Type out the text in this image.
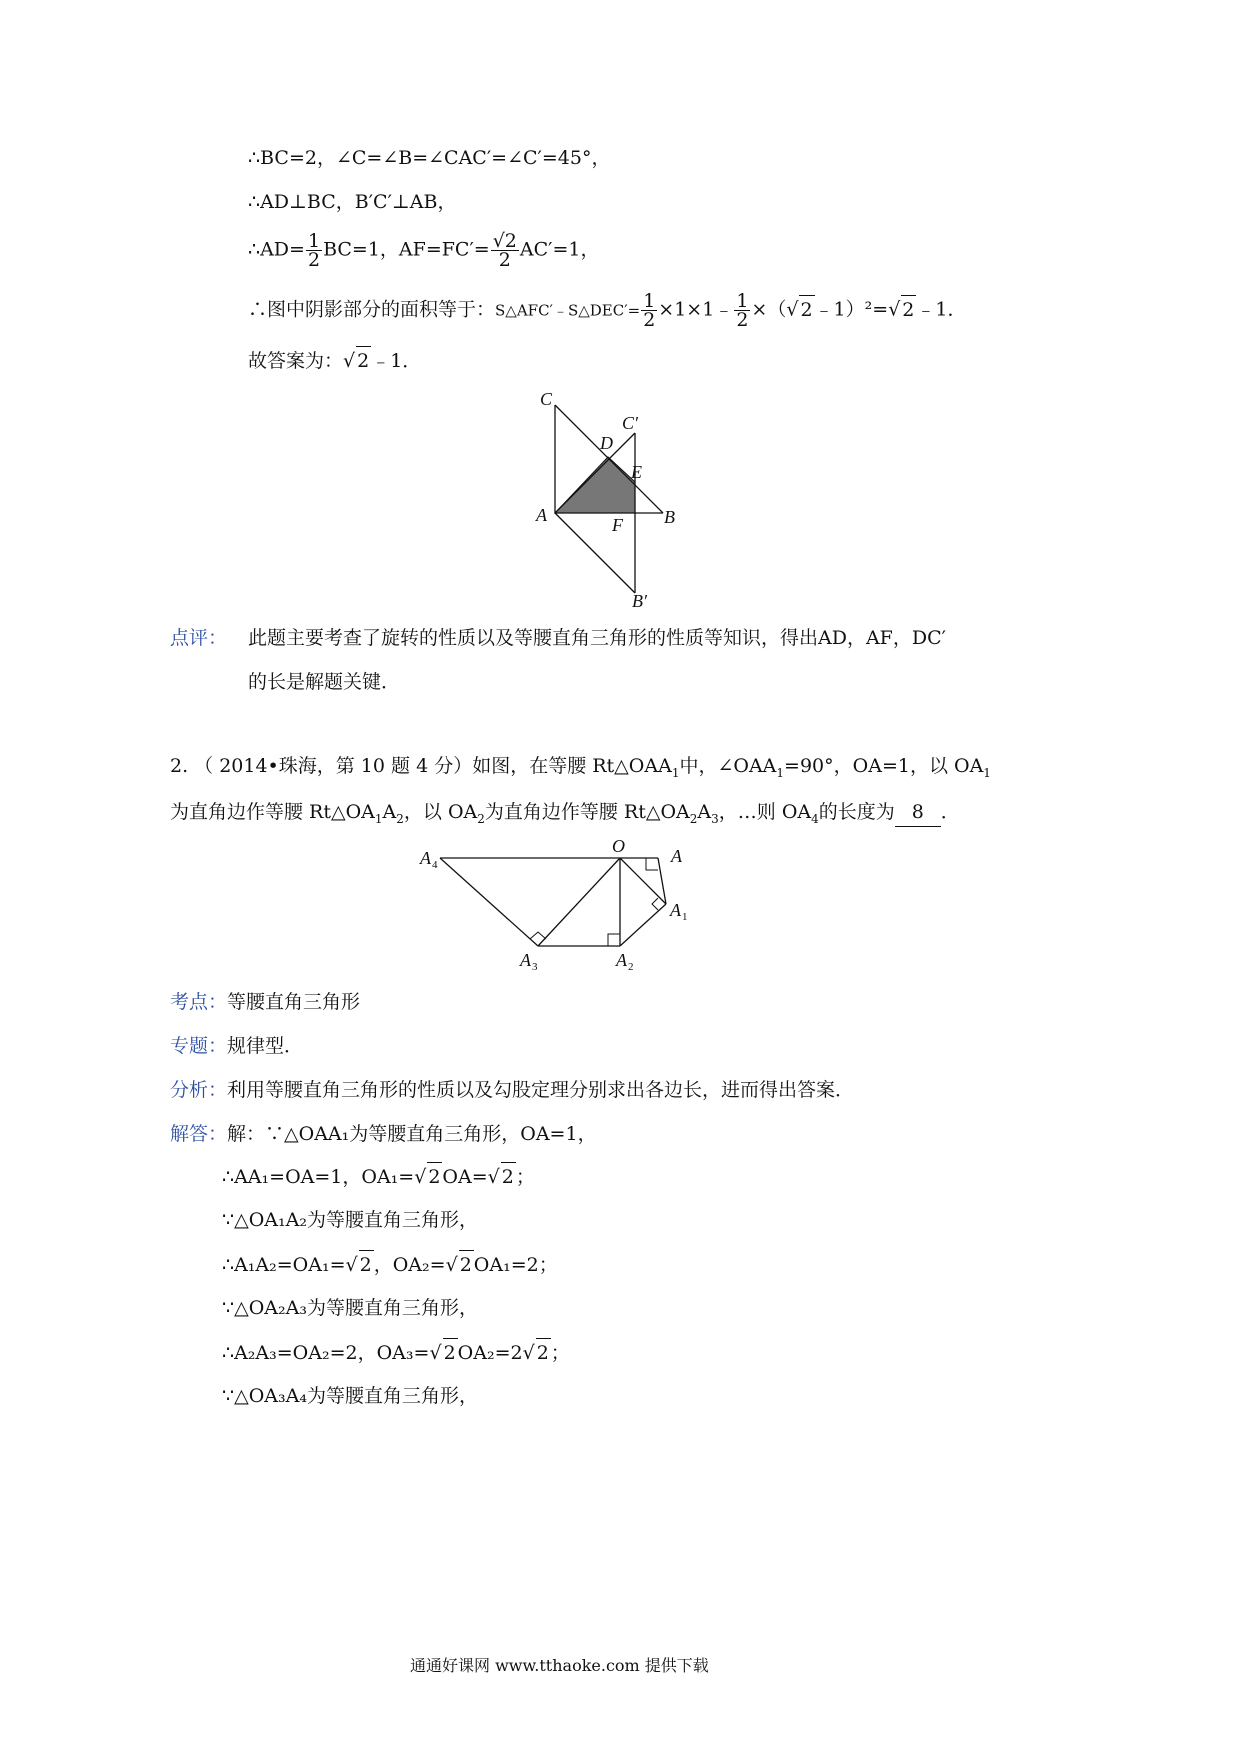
∴BC=2，∠C=∠B=∠CAC′=∠C′=45°，
∴AD⊥BC，B′C′⊥AB，
∴AD= $\frac{1}{2} BC=1$，$AF=FC'= \frac{√2}{2} AC'=1$，
∴图中阴影部分的面积等于：S△AFC′﹣S△DEC′= $\frac{1}{2}$ ×1×1﹣ $\frac{1}{2}$ ×（√ 2 ﹣1）²=√ 2 ﹣1．
故答案为：√ 2 ﹣1．
C
C′
D
E
A	F B
B′
点评： 此题主要考查了旋转的性质以及等腰直角三角形的性质等知识，得出AD，AF，DC′
的长是解题关键．
2. （ 2014•珠海，第 10 题 4 分）如图，在等腰 $Rt\triangle OAA_1$中，$\angle OAA_1=90^\circ$，OA=1，以 $OA_1$
为直角边作等腰 $Rt\triangle OA_1A_2$，以 $OA_2$为直角边作等腰 $Rt\triangle OA_2A_3$，…则 $OA_4$的长度为 8 ．
A 4
O	A
A 1
A 3	A 2
考点：等腰直角三角形
专题：规律型．
分析：利用等腰直角三角形的性质以及勾股定理分别求出各边长，进而得出答案．
解答：解：∵△OAA₁为等腰直角三角形，OA=1，
∴AA₁=OA=1，OA₁=√ 2 OA=√ 2 ；
∵△OA₁A₂为等腰直角三角形，
∴A₁A₂=OA₁=√ 2 ，OA₂=√ 2 OA₁=2；
∵△OA₂A₃为等腰直角三角形，
∴A₂A₃=OA₂=2，OA₃=√ 2 OA₂=2√ 2 ；
∵△OA₃A₄为等腰直角三角形，
通通好课网 www.tthaoke.com 提供下载
